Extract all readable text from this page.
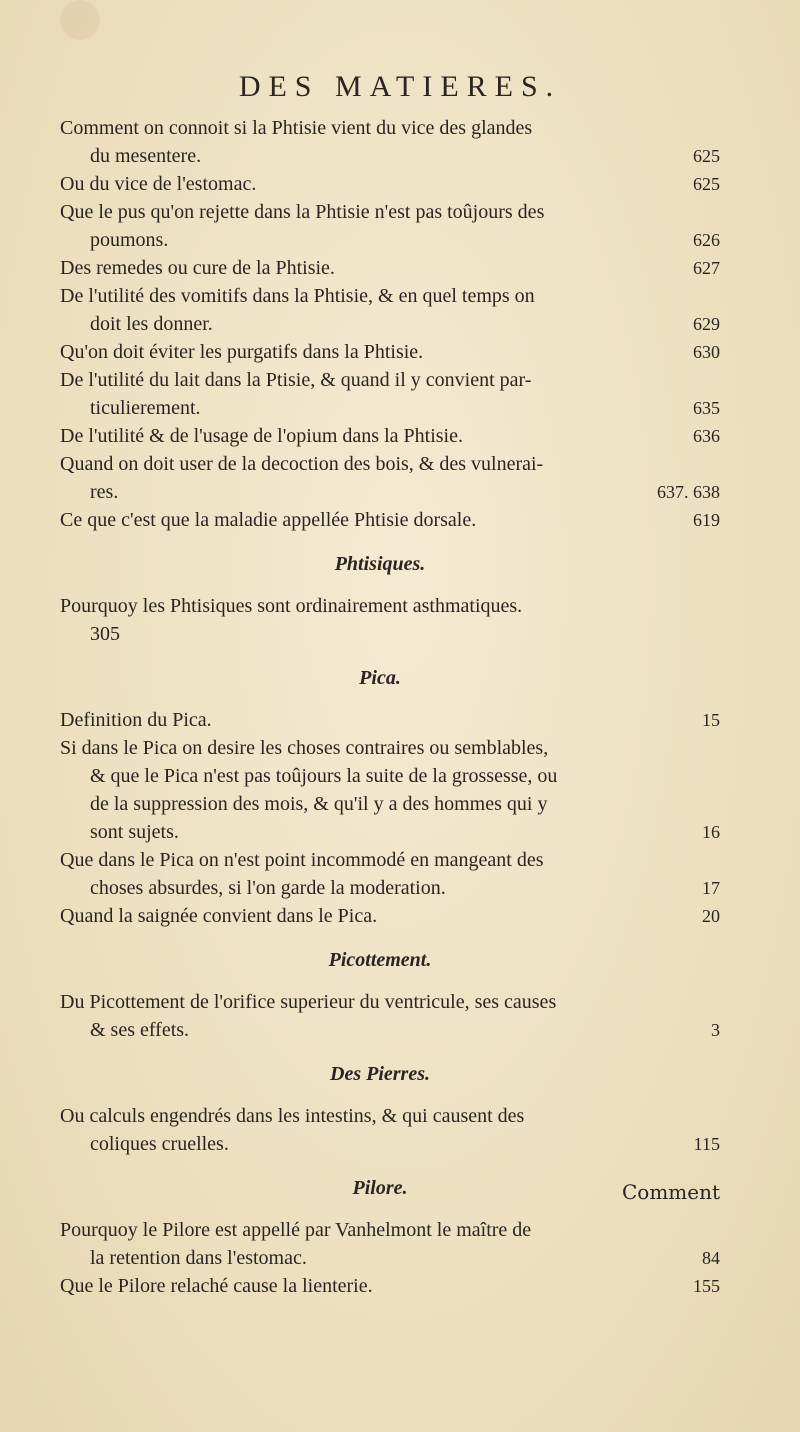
DES MATIERES.
Comment on connoit si la Phtisie vient du vice des glandes
du mesentere.	625
Ou du vice de l'estomac.	625
Que le pus qu'on rejette dans la Phtisie n'est pas toûjours des
poumons.	626
Des remedes ou cure de la Phtisie.	627
De l'utilité des vomitifs dans la Phtisie, & en quel temps on
doit les donner.	629
Qu'on doit éviter les purgatifs dans la Phtisie.	630
De l'utilité du lait dans la Ptisie, & quand il y convient par-
ticulierement.	635
De l'utilité & de l'usage de l'opium dans la Phtisie.	636
Quand on doit user de la decoction des bois, & des vulnerai-
res.	637. 638
Ce que c'est que la maladie appellée Phtisie dorsale.	619
Phtisiques.
Pourquoy les Phtisiques sont ordinairement asthmatiques.
305
Pica.
Definition du Pica.	15
Si dans le Pica on desire les choses contraires ou semblables,
& que le Pica n'est pas toûjours la suite de la grossesse, ou
de la suppression des mois, & qu'il y a des hommes qui y
sont sujets.	16
Que dans le Pica on n'est point incommodé en mangeant des
choses absurdes, si l'on garde la moderation.	17
Quand la saignée convient dans le Pica.	20
Picottement.
Du Picottement de l'orifice superieur du ventricule, ses causes
& ses effets.	3
Des Pierres.
Ou calculs engendrés dans les intestins, & qui causent des
coliques cruelles.	115
Pilore.
Pourquoy le Pilore est appellé par Vanhelmont le maître de
la retention dans l'estomac.	84
Que le Pilore relaché cause la lienterie.	155
Comment
